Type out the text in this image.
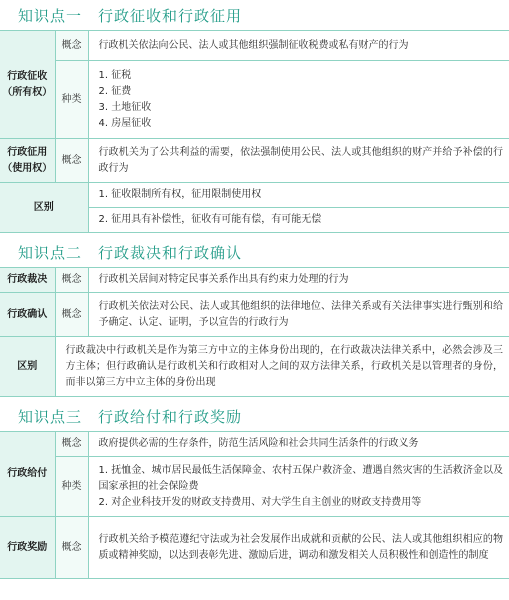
知识点一 行政征收和行政征用
行政征收
（所有权）	概念	行政机关依法向公民、法人或其他组织强制征收税费或私有财产的行为
	种类	1. 征税
2. 征费
3. 土地征收
4. 房屋征收

行政征用
（使用权）	概念	行政机关为了公共利益的需要，依法强制使用公民、法人或其他组织的财产并给予补偿的行政行为
区别		1. 征收限制所有权，征用限制使用权
		2. 征用具有补偿性，征收有可能有偿，有可能无偿
知识点二 行政裁决和行政确认
行政裁决	概念	行政机关居间对特定民事关系作出具有约束力处理的行为
行政确认	概念	行政机关依法对公民、法人或其他组织的法律地位、法律关系或有关法律事实进行甄别和给予确定、认定、证明，予以宣告的行政行为
区别	行政裁决中行政机关是作为第三方中立的主体身份出现的，在行政裁决法律关系中，必然会涉及三方主体；但行政确认是行政机关和行政相对人之间的双方法律关系，行政机关是以管理者的身份，而非以第三方中立主体的身份出现	
知识点三 行政给付和行政奖励
行政给付	概念	政府提供必需的生存条件，防范生活风险和社会共同生活条件的行政义务
	种类	1. 抚恤金、城市居民最低生活保障金、农村五保户救济金、遭遇自然灾害的生活救济金以及国家承担的社会保险费
2. 对企业科技开发的财政支持费用、对大学生自主创业的财政支持费用等

行政奖励	概念	行政机关给予模范遵纪守法或为社会发展作出成就和贡献的公民、法人或其他组织相应的物质或精神奖励，以达到表彰先进、激励后进，调动和激发相关人员积极性和创造性的制度
